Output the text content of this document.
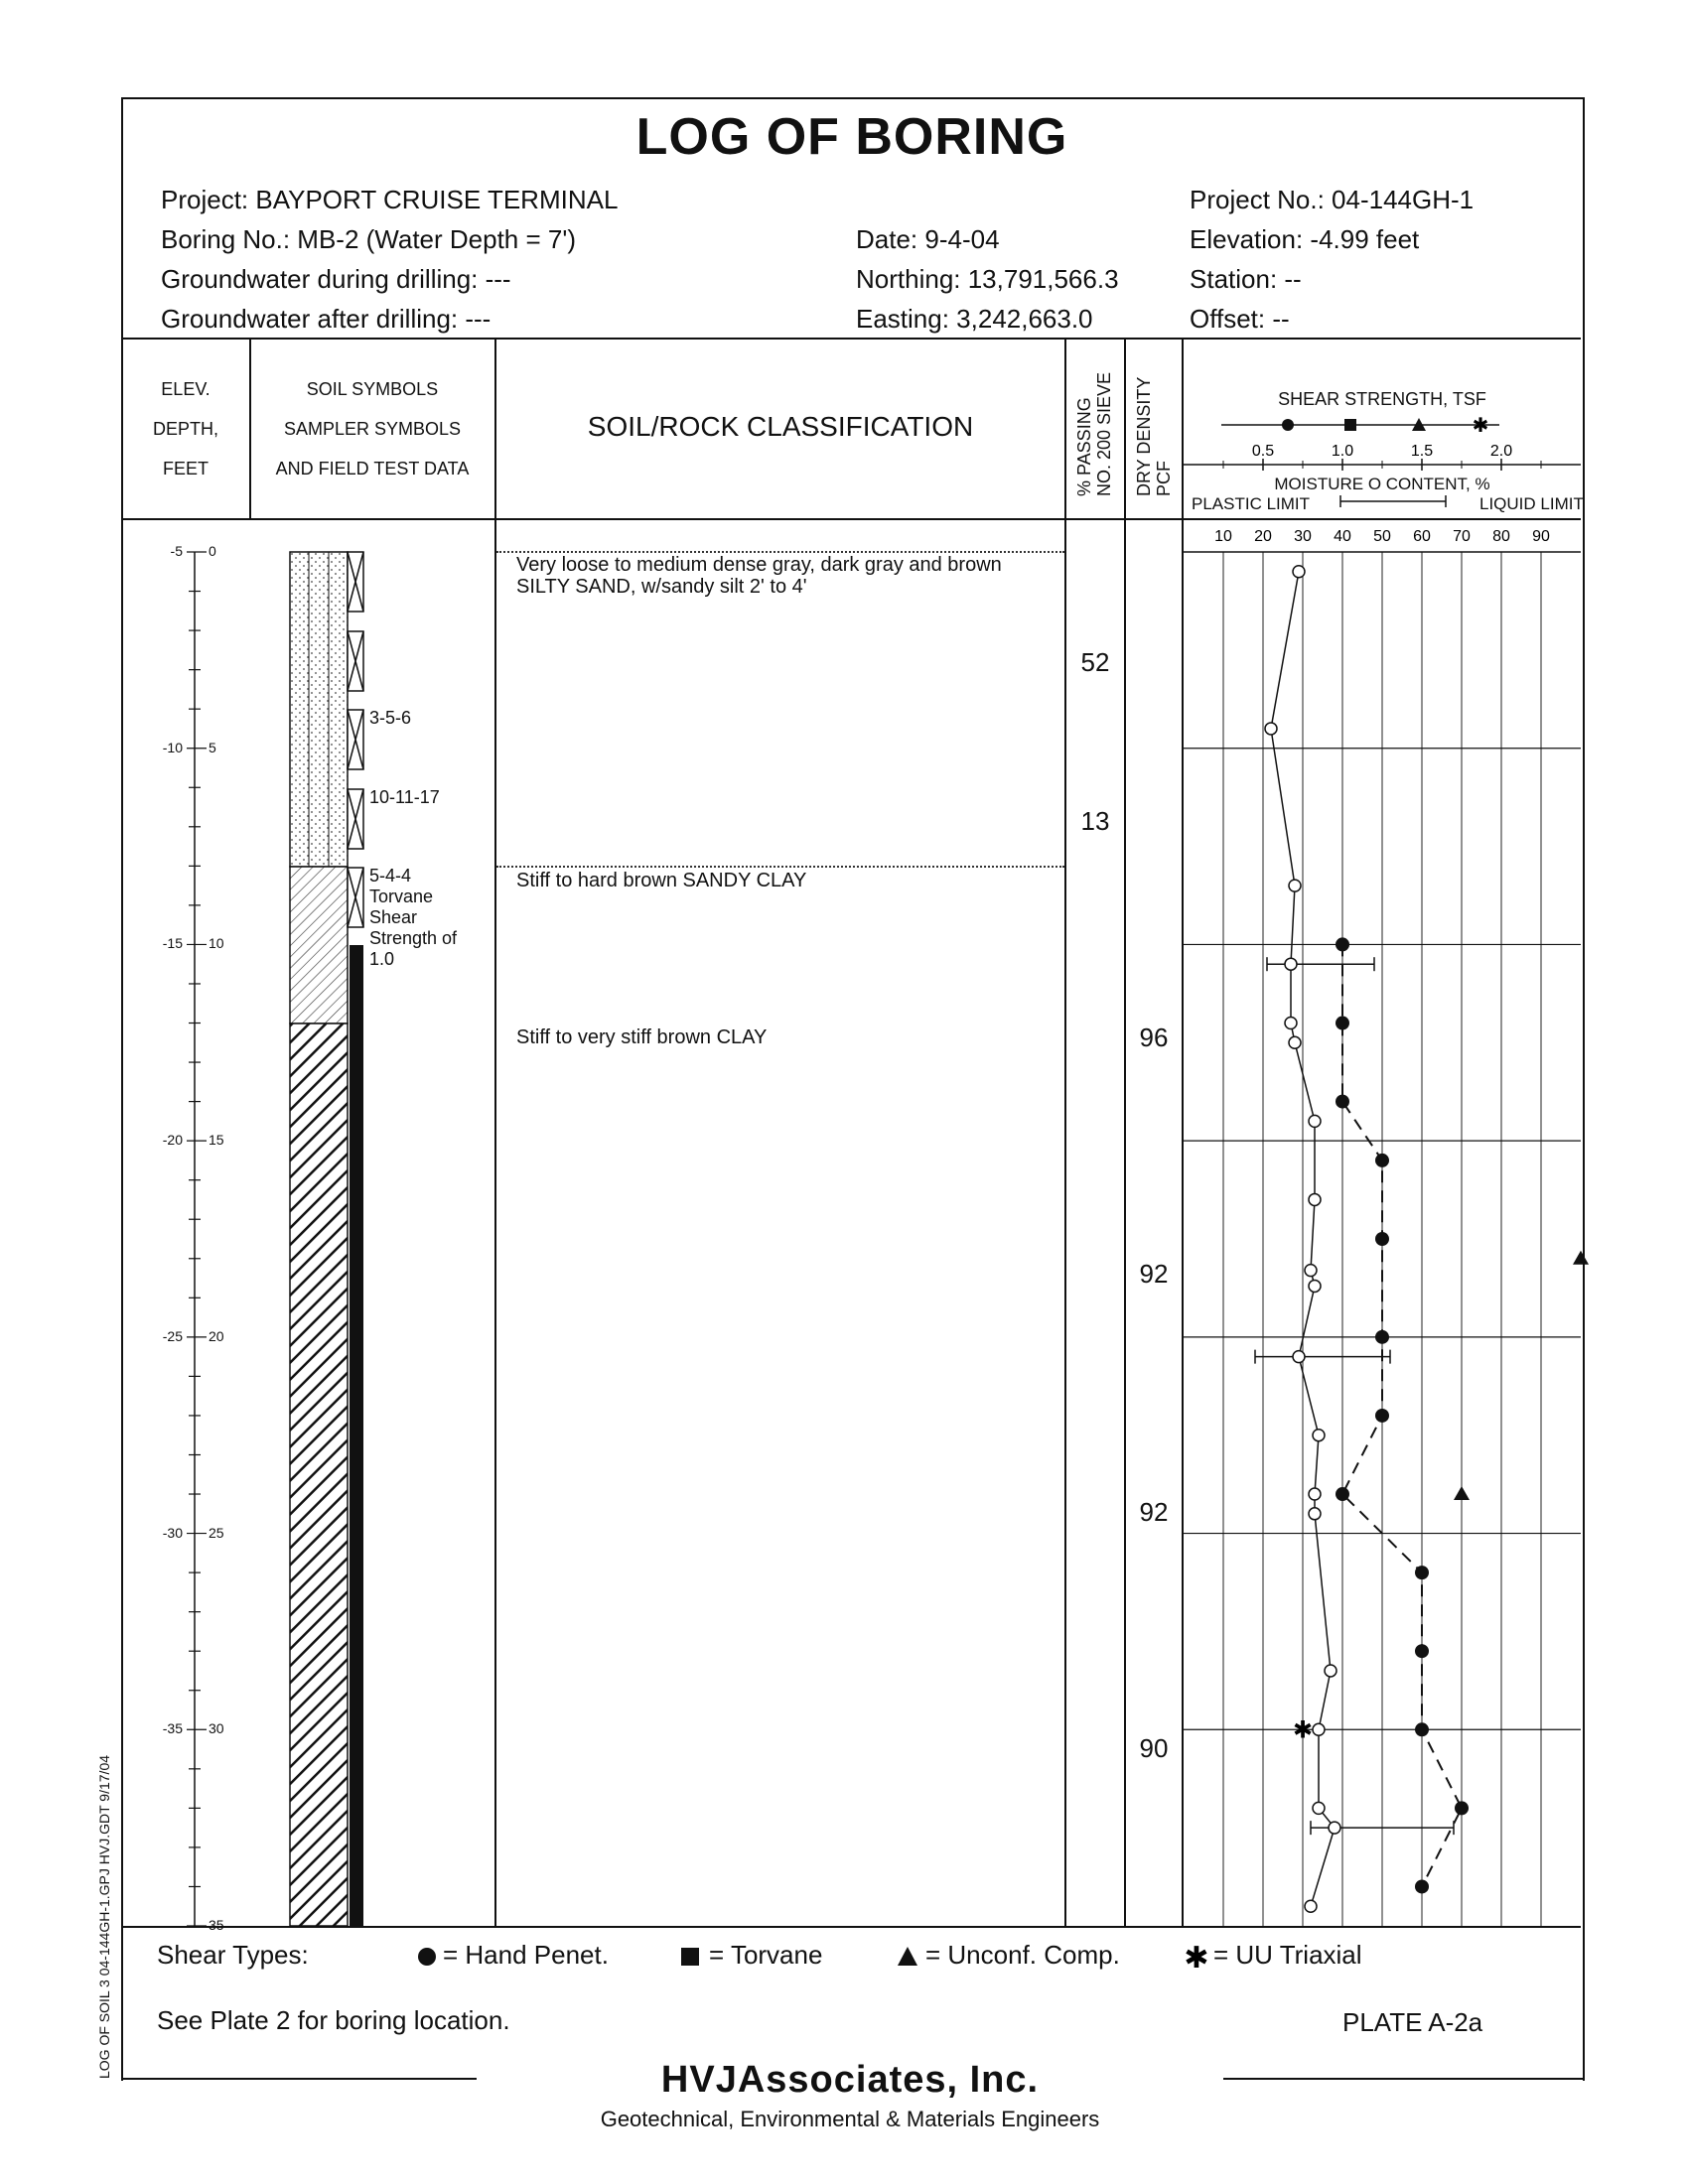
LOG OF BORING
Project: BAYPORT CRUISE TERMINAL
Boring No.: MB-2 (Water Depth = 7')
Groundwater during drilling: ---
Groundwater after drilling: ---
Date: 9-4-04
Northing: 13,791,566.3
Easting: 3,242,663.0
Project No.: 04-144GH-1
Elevation: -4.99 feet
Station: --
Offset: --
ELEV.
DEPTH,
FEET
SOIL SYMBOLS
SAMPLER SYMBOLS
AND FIELD TEST DATA
SOIL/ROCK CLASSIFICATION	% PASSING NO. 200 SIEVE DRY DENSITY PCF
SHEAR STRENGTH, TSF
MOISTURE O CONTENT, %
PLASTIC LIMIT	LIQUID LIMIT
✱
0.5	1.0	1.5	2.0
10 20 30 40 50 60 70 80 90
-5 0
-10 5
-15 10
-20 15
-25 20
-30 25
-35 30
35
3-5-6
10-11-17
5-4-4
Torvane
Shear
Strength of
1.0
Very loose to medium dense gray, dark gray and brown SILTY SAND, w/sandy silt 2' to 4'
Stiff to hard brown SANDY CLAY
Stiff to very stiff brown CLAY
52
13
96
92
92
90
✱
Shear Types:	✱
= Hand Penet.	= Torvane	= Unconf. Comp.	= UU Triaxial
See Plate 2 for boring location.	PLATE A-2a
HVJAssociates, Inc.
Geotechnical, Environmental & Materials Engineers
LOG OF SOIL 3 04-144GH-1.GPJ HVJ.GDT 9/17/04
